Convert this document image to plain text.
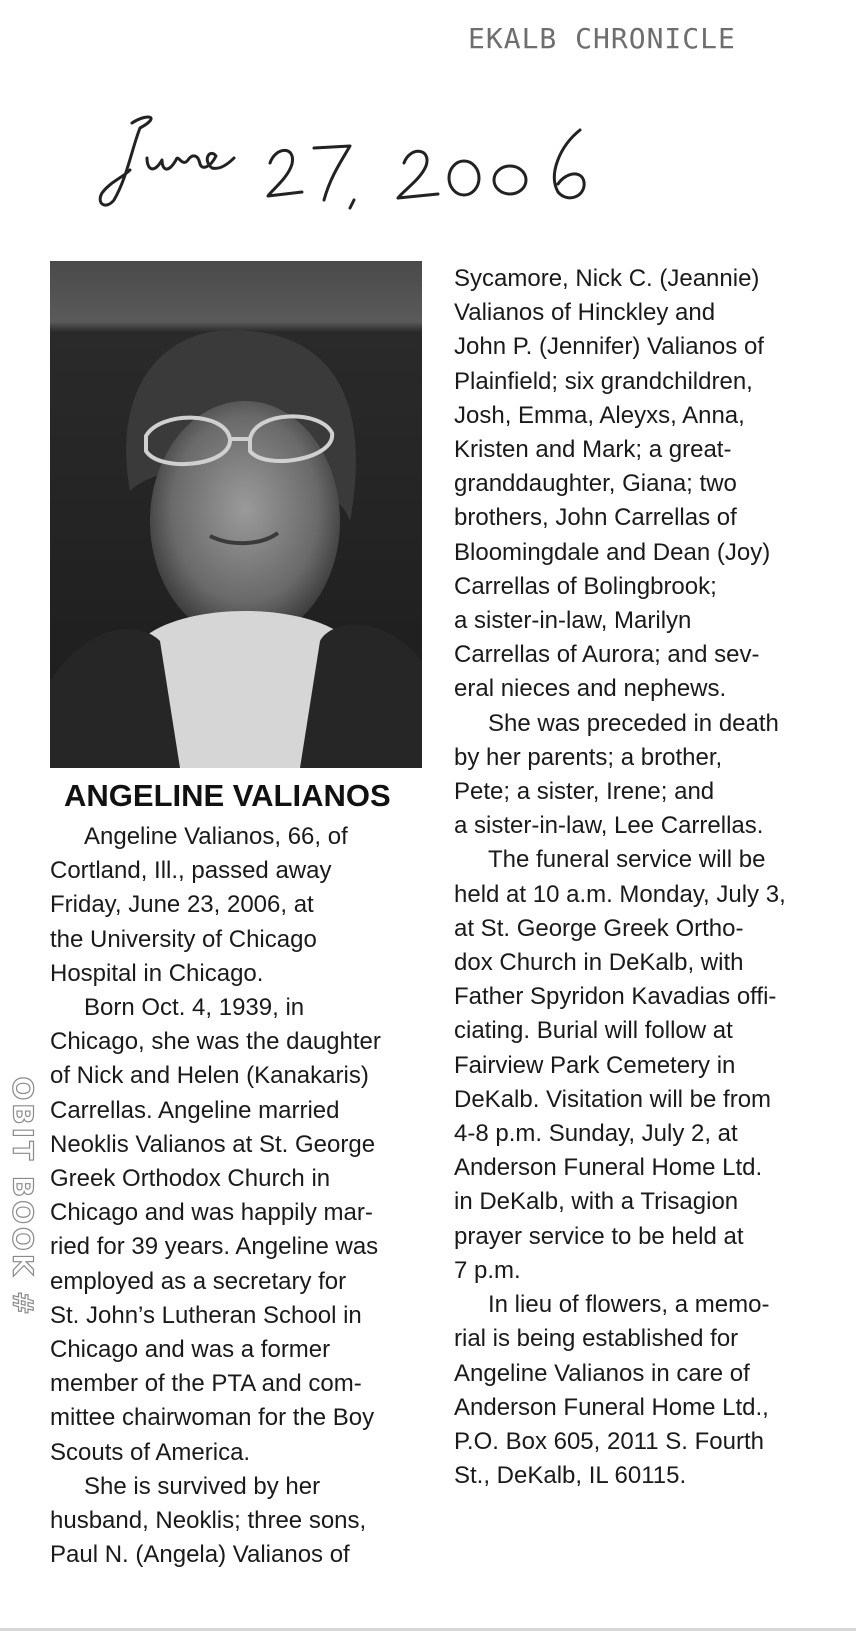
EKALB CHRONICLE
ANGELINE VALIANOS
Angeline Valianos, 66, of
Cortland, Ill., passed away
Friday, June 23, 2006, at
the University of Chicago
Hospital in Chicago.
Born Oct. 4, 1939, in
Chicago, she was the daughter
of Nick and Helen (Kanakaris)
Carrellas. Angeline married
Neoklis Valianos at St. George
Greek Orthodox Church in
Chicago and was happily mar-
ried for 39 years. Angeline was
employed as a secretary for
St. John’s Lutheran School in
Chicago and was a former
member of the PTA and com-
mittee chairwoman for the Boy
Scouts of America.
She is survived by her
husband, Neoklis; three sons,
Paul N. (Angela) Valianos of
Sycamore, Nick C. (Jeannie)
Valianos of Hinckley and
John P. (Jennifer) Valianos of
Plainfield; six grandchildren,
Josh, Emma, Aleyxs, Anna,
Kristen and Mark; a great-
granddaughter, Giana; two
brothers, John Carrellas of
Bloomingdale and Dean (Joy)
Carrellas of Bolingbrook;
a sister-in-law, Marilyn
Carrellas of Aurora; and sev-
eral nieces and nephews.
She was preceded in death
by her parents; a brother,
Pete; a sister, Irene; and
a sister-in-law, Lee Carrellas.
The funeral service will be
held at 10 a.m. Monday, July 3,
at St. George Greek Ortho-
dox Church in DeKalb, with
Father Spyridon Kavadias offi-
ciating. Burial will follow at
Fairview Park Cemetery in
DeKalb. Visitation will be from
4-8 p.m. Sunday, July 2, at
Anderson Funeral Home Ltd.
in DeKalb, with a Trisagion
prayer service to be held at
7 p.m.
In lieu of flowers, a memo-
rial is being established for
Angeline Valianos in care of
Anderson Funeral Home Ltd.,
P.O. Box 605, 2011 S. Fourth
St., DeKalb, IL 60115.
OBIT BOOK #
